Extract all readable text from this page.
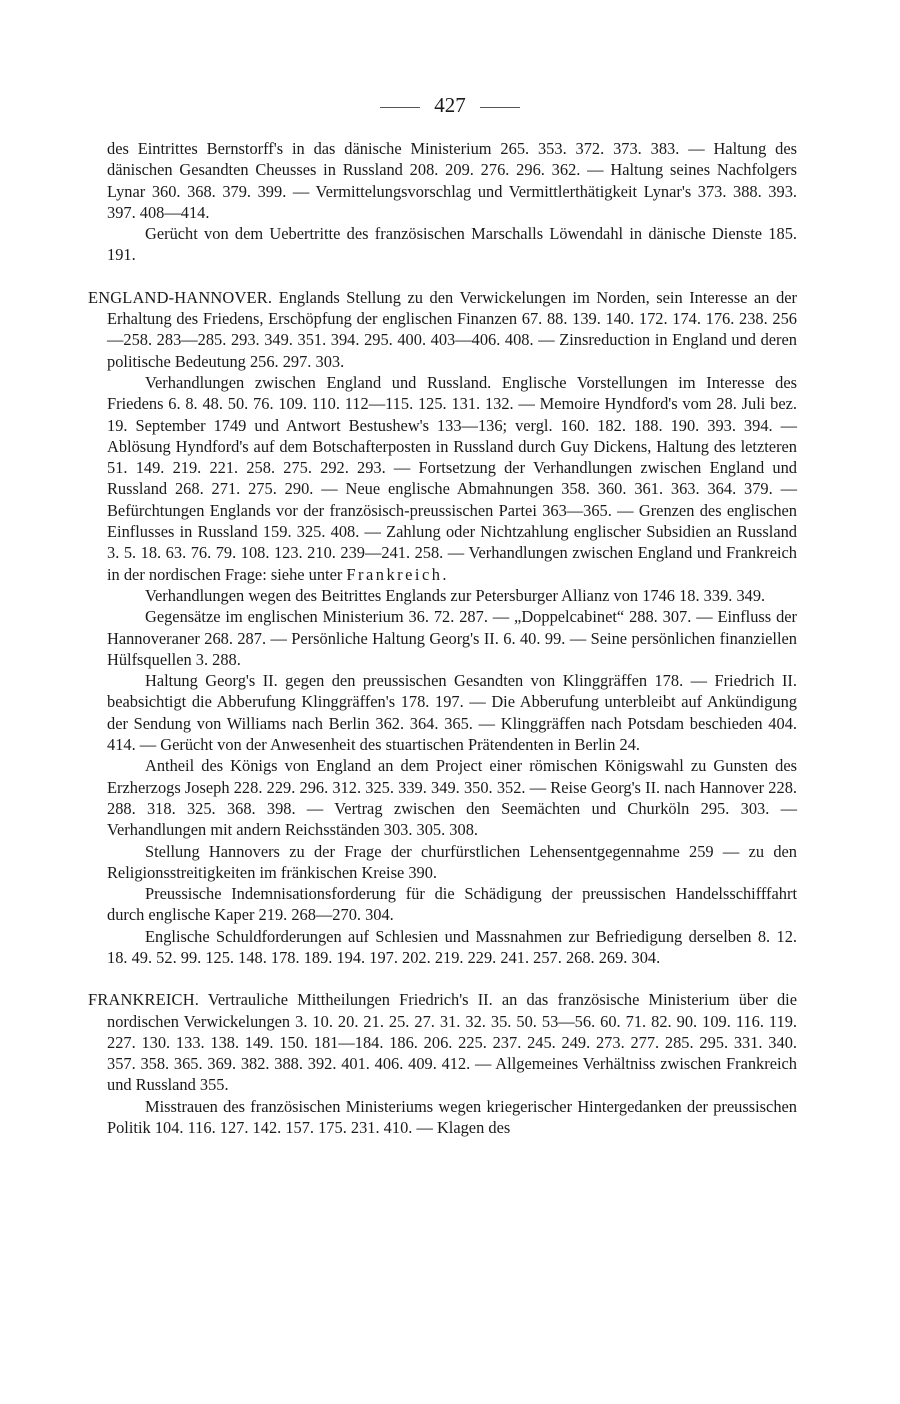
427

des Eintrittes Bernstorff's in das dänische Ministerium 265. 353. 372. 373. 383. — Haltung des dänischen Gesandten Cheusses in Russland 208. 209. 276. 296. 362. — Haltung seines Nachfolgers Lynar 360. 368. 379. 399. — Vermittelungsvorschlag und Vermittlerthätigkeit Lynar's 373. 388. 393. 397. 408—414.

Gerücht von dem Uebertritte des französischen Marschalls Löwendahl in dänische Dienste 185. 191.

ENGLAND-HANNOVER. Englands Stellung zu den Verwickelungen im Norden, sein Interesse an der Erhaltung des Friedens, Erschöpfung der englischen Finanzen 67. 88. 139. 140. 172. 174. 176. 238. 256—258. 283—285. 293. 349. 351. 394. 295. 400. 403—406. 408. — Zinsreduction in England und deren politische Bedeutung 256. 297. 303.

Verhandlungen zwischen England und Russland. Englische Vorstellungen im Interesse des Friedens 6. 8. 48. 50. 76. 109. 110. 112—115. 125. 131. 132. — Memoire Hyndford's vom 28. Juli bez. 19. September 1749 und Antwort Bestushew's 133—136; vergl. 160. 182. 188. 190. 393. 394. — Ablösung Hyndford's auf dem Botschafterposten in Russland durch Guy Dickens, Haltung des letzteren 51. 149. 219. 221. 258. 275. 292. 293. — Fortsetzung der Verhandlungen zwischen England und Russland 268. 271. 275. 290. — Neue englische Abmahnungen 358. 360. 361. 363. 364. 379. — Befürchtungen Englands vor der französisch-preussischen Partei 363—365. — Grenzen des englischen Einflusses in Russland 159. 325. 408. — Zahlung oder Nichtzahlung englischer Subsidien an Russland 3. 5. 18. 63. 76. 79. 108. 123. 210. 239—241. 258. — Verhandlungen zwischen England und Frankreich in der nordischen Frage: siehe unter Frankreich.

Verhandlungen wegen des Beitrittes Englands zur Petersburger Allianz von 1746 18. 339. 349.

Gegensätze im englischen Ministerium 36. 72. 287. — „Doppelcabinet“ 288. 307. — Einfluss der Hannoveraner 268. 287. — Persönliche Haltung Georg's II. 6. 40. 99. — Seine persönlichen finanziellen Hülfsquellen 3. 288.

Haltung Georg's II. gegen den preussischen Gesandten von Klinggräffen 178. — Friedrich II. beabsichtigt die Abberufung Klinggräffen's 178. 197. — Die Abberufung unterbleibt auf Ankündigung der Sendung von Williams nach Berlin 362. 364. 365. — Klinggräffen nach Potsdam beschieden 404. 414. — Gerücht von der Anwesenheit des stuartischen Prätendenten in Berlin 24.

Antheil des Königs von England an dem Project einer römischen Königswahl zu Gunsten des Erzherzogs Joseph 228. 229. 296. 312. 325. 339. 349. 350. 352. — Reise Georg's II. nach Hannover 228. 288. 318. 325. 368. 398. — Vertrag zwischen den Seemächten und Churköln 295. 303. — Verhandlungen mit andern Reichsständen 303. 305. 308.

Stellung Hannovers zu der Frage der churfürstlichen Lehensentgegennahme 259 — zu den Religionsstreitigkeiten im fränkischen Kreise 390.

Preussische Indemnisationsforderung für die Schädigung der preussischen Handelsschifffahrt durch englische Kaper 219. 268—270. 304.

Englische Schuldforderungen auf Schlesien und Massnahmen zur Befriedigung derselben 8. 12. 18. 49. 52. 99. 125. 148. 178. 189. 194. 197. 202. 219. 229. 241. 257. 268. 269. 304.

FRANKREICH. Vertrauliche Mittheilungen Friedrich's II. an das französische Ministerium über die nordischen Verwickelungen 3. 10. 20. 21. 25. 27. 31. 32. 35. 50. 53—56. 60. 71. 82. 90. 109. 116. 119. 227. 130. 133. 138. 149. 150. 181—184. 186. 206. 225. 237. 245. 249. 273. 277. 285. 295. 331. 340. 357. 358. 365. 369. 382. 388. 392. 401. 406. 409. 412. — Allgemeines Verhältniss zwischen Frankreich und Russland 355.

Misstrauen des französischen Ministeriums wegen kriegerischer Hintergedanken der preussischen Politik 104. 116. 127. 142. 157. 175. 231. 410. — Klagen des
